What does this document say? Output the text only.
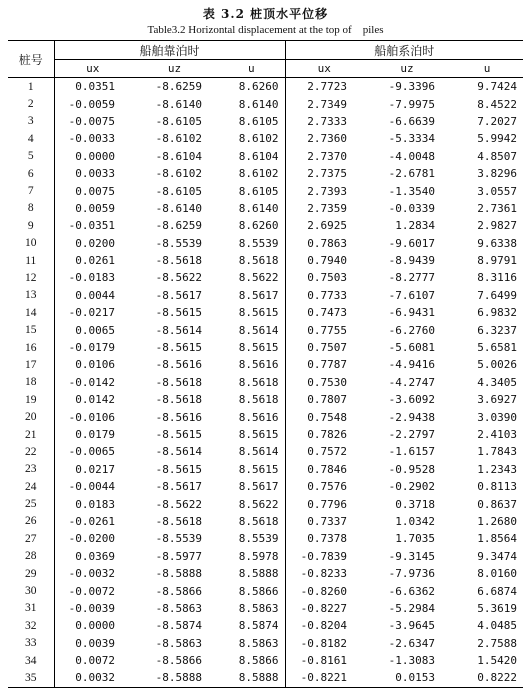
表 3.2 桩顶水平位移
Table3.2 Horizontal displacement at the top of    piles
桩号	船舶靠泊时			船舶系泊时		
	ux	uz	u	ux	uz	u
1	0.0351	-8.6259	8.6260	2.7723	-9.3396	9.7424
2	-0.0059	-8.6140	8.6140	2.7349	-7.9975	8.4522
3	-0.0075	-8.6105	8.6105	2.7333	-6.6639	7.2027
4	-0.0033	-8.6102	8.6102	2.7360	-5.3334	5.9942
5	0.0000	-8.6104	8.6104	2.7370	-4.0048	4.8507
6	0.0033	-8.6102	8.6102	2.7375	-2.6781	3.8296
7	0.0075	-8.6105	8.6105	2.7393	-1.3540	3.0557
8	0.0059	-8.6140	8.6140	2.7359	-0.0339	2.7361
9	-0.0351	-8.6259	8.6260	2.6925	1.2834	2.9827
10	0.0200	-8.5539	8.5539	0.7863	-9.6017	9.6338
11	0.0261	-8.5618	8.5618	0.7940	-8.9439	8.9791
12	-0.0183	-8.5622	8.5622	0.7503	-8.2777	8.3116
13	0.0044	-8.5617	8.5617	0.7733	-7.6107	7.6499
14	-0.0217	-8.5615	8.5615	0.7473	-6.9431	6.9832
15	0.0065	-8.5614	8.5614	0.7755	-6.2760	6.3237
16	-0.0179	-8.5615	8.5615	0.7507	-5.6081	5.6581
17	0.0106	-8.5616	8.5616	0.7787	-4.9416	5.0026
18	-0.0142	-8.5618	8.5618	0.7530	-4.2747	4.3405
19	0.0142	-8.5618	8.5618	0.7807	-3.6092	3.6927
20	-0.0106	-8.5616	8.5616	0.7548	-2.9438	3.0390
21	0.0179	-8.5615	8.5615	0.7826	-2.2797	2.4103
22	-0.0065	-8.5614	8.5614	0.7572	-1.6157	1.7843
23	0.0217	-8.5615	8.5615	0.7846	-0.9528	1.2343
24	-0.0044	-8.5617	8.5617	0.7576	-0.2902	0.8113
25	0.0183	-8.5622	8.5622	0.7796	0.3718	0.8637
26	-0.0261	-8.5618	8.5618	0.7337	1.0342	1.2680
27	-0.0200	-8.5539	8.5539	0.7378	1.7035	1.8564
28	0.0369	-8.5977	8.5978	-0.7839	-9.3145	9.3474
29	-0.0032	-8.5888	8.5888	-0.8233	-7.9736	8.0160
30	-0.0072	-8.5866	8.5866	-0.8260	-6.6362	6.6874
31	-0.0039	-8.5863	8.5863	-0.8227	-5.2984	5.3619
32	0.0000	-8.5874	8.5874	-0.8204	-3.9645	4.0485
33	0.0039	-8.5863	8.5863	-0.8182	-2.6347	2.7588
34	0.0072	-8.5866	8.5866	-0.8161	-1.3083	1.5420
35	0.0032	-8.5888	8.5888	-0.8221	0.0153	0.8222
